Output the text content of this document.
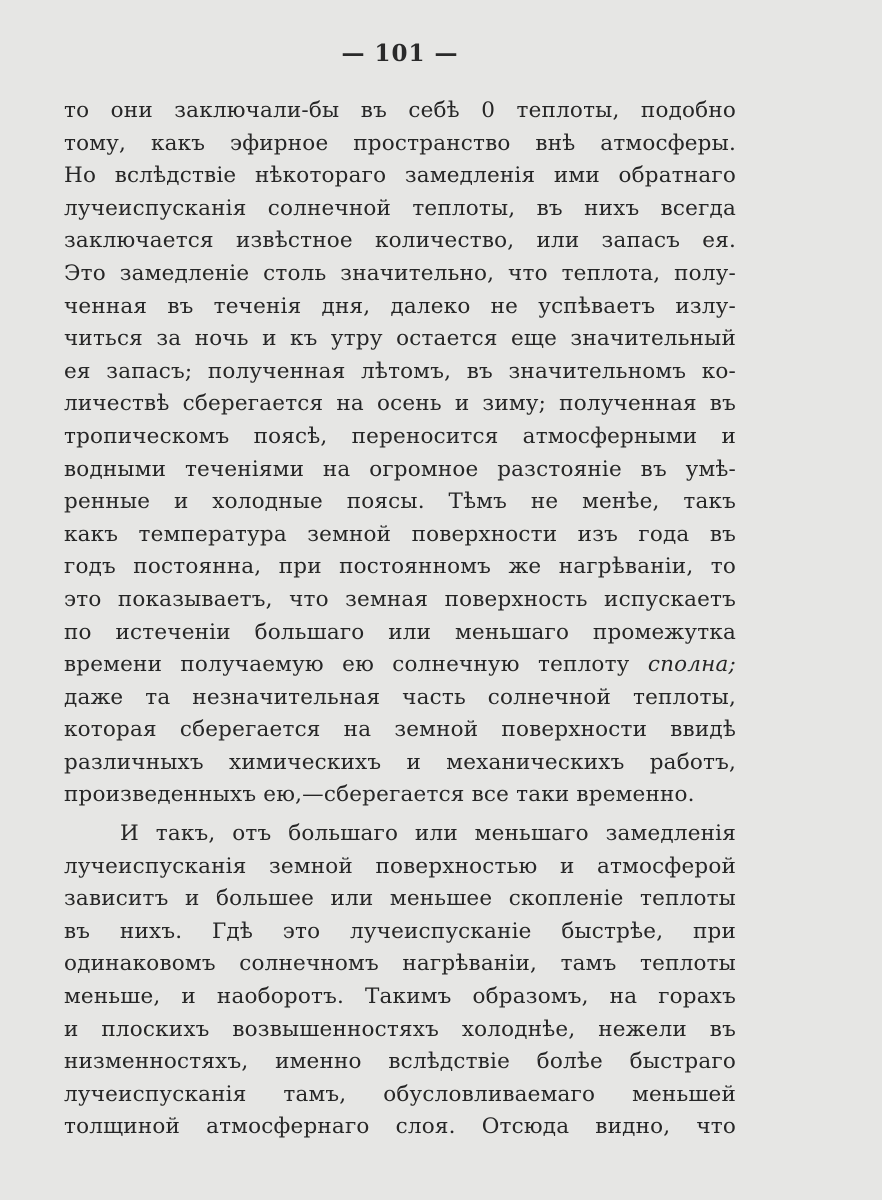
— 101 —
то они заключали-бы въ себѣ 0 теплоты, подобно
тому, какъ эфирное пространство внѣ атмосферы.
Но вслѣдствіе нѣкотораго замедленія ими обратнаго
лучеиспусканія солнечной теплоты, въ нихъ всегда
заключается извѣстное количество, или запасъ ея.
Это замедленіе столь значительно, что теплота, полу-
ченная въ теченія дня, далеко не успѣваетъ излу-
читься за ночь и къ утру остается еще значительный
ея запасъ; полученная лѣтомъ, въ значительномъ ко-
личествѣ сберегается на осень и зиму; полученная въ
тропическомъ поясѣ, переносится атмосферными и
водными теченіями на огромное разстояніе въ умѣ-
ренные и холодные поясы. Тѣмъ не менѣе, такъ
какъ температура земной поверхности изъ года въ
годъ постоянна, при постоянномъ же нагрѣваніи, то
это показываетъ, что земная поверхность испускаетъ
по истеченіи большаго или меньшаго промежутка
времени получаемую ею солнечную теплоту сполна;
даже та незначительная часть солнечной теплоты,
которая сберегается на земной поверхности ввидѣ
различныхъ химическихъ и механическихъ работъ,
произведенныхъ ею,—сберегается все таки временно.
И такъ, отъ большаго или меньшаго замедленія
лучеиспусканія земной поверхностью и атмосферой
зависитъ и большее или меньшее скопленіе теплоты
въ нихъ. Гдѣ это лучеиспусканіе быстрѣе, при
одинаковомъ солнечномъ нагрѣваніи, тамъ теплоты
меньше, и наоборотъ. Такимъ образомъ, на горахъ
и плоскихъ возвышенностяхъ холоднѣе, нежели въ
низменностяхъ, именно вслѣдствіе болѣе быстраго
лучеиспусканія тамъ, обусловливаемаго меньшей
толщиной атмосфернаго слоя. Отсюда видно, что
